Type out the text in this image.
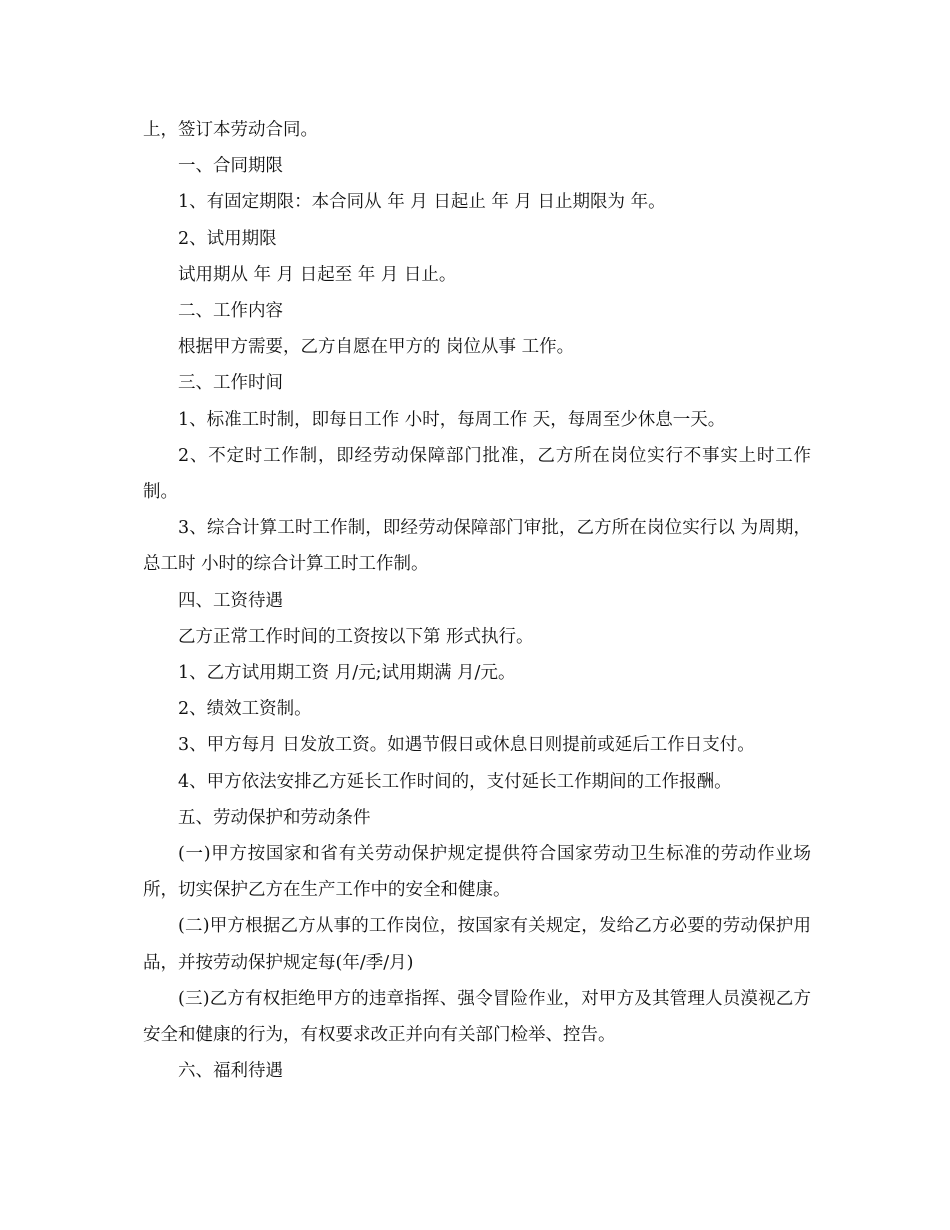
上，签订本劳动合同。

一、合同期限

1、有固定期限：本合同从 年 月 日起止 年 月 日止期限为 年。

2、试用期限

试用期从 年 月 日起至 年 月 日止。

二、工作内容

根据甲方需要，乙方自愿在甲方的 岗位从事 工作。

三、工作时间

1、标准工时制，即每日工作 小时，每周工作 天，每周至少休息一天。

2、不定时工作制，即经劳动保障部门批准，乙方所在岗位实行不事实上时工作制。

3、综合计算工时工作制，即经劳动保障部门审批，乙方所在岗位实行以 为周期，总工时 小时的综合计算工时工作制。

四、工资待遇

乙方正常工作时间的工资按以下第 形式执行。

1、乙方试用期工资 月/元;试用期满 月/元。

2、绩效工资制。

3、甲方每月 日发放工资。如遇节假日或休息日则提前或延后工作日支付。

4、甲方依法安排乙方延长工作时间的，支付延长工作期间的工作报酬。

五、劳动保护和劳动条件

(一)甲方按国家和省有关劳动保护规定提供符合国家劳动卫生标准的劳动作业场所，切实保护乙方在生产工作中的安全和健康。

(二)甲方根据乙方从事的工作岗位，按国家有关规定，发给乙方必要的劳动保护用品，并按劳动保护规定每(年/季/月)

(三)乙方有权拒绝甲方的违章指挥、强令冒险作业，对甲方及其管理人员漠视乙方安全和健康的行为，有权要求改正并向有关部门检举、控告。

六、福利待遇
